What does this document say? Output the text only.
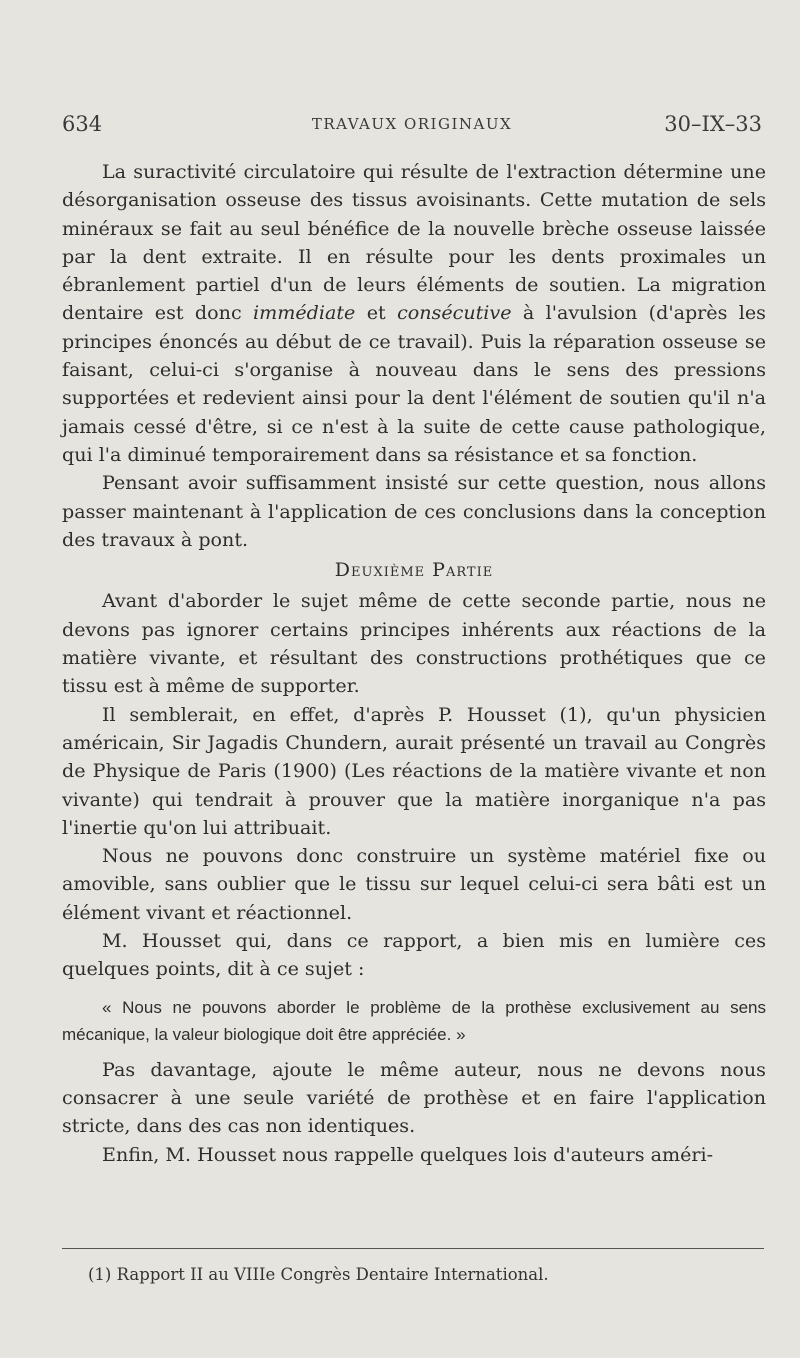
634	TRAVAUX ORIGINAUX	30–IX–33

La suractivité circulatoire qui résulte de l'extraction détermine une désorganisation osseuse des tissus avoisinants. Cette mutation de sels minéraux se fait au seul bénéfice de la nouvelle brèche osseuse laissée par la dent extraite. Il en résulte pour les dents proximales un ébranlement partiel d'un de leurs éléments de soutien. La migration dentaire est donc immédiate et consécutive à l'avulsion (d'après les principes énoncés au début de ce travail). Puis la réparation osseuse se faisant, celui-ci s'organise à nouveau dans le sens des pressions supportées et redevient ainsi pour la dent l'élément de soutien qu'il n'a jamais cessé d'être, si ce n'est à la suite de cette cause pathologique, qui l'a diminué temporairement dans sa résistance et sa fonction.

Pensant avoir suffisamment insisté sur cette question, nous allons passer maintenant à l'application de ces conclusions dans la conception des travaux à pont.

Deuxième Partie

Avant d'aborder le sujet même de cette seconde partie, nous ne devons pas ignorer certains principes inhérents aux réactions de la matière vivante, et résultant des constructions prothétiques que ce tissu est à même de supporter.

Il semblerait, en effet, d'après P. Housset (1), qu'un physicien américain, Sir Jagadis Chundern, aurait présenté un travail au Congrès de Physique de Paris (1900) (Les réactions de la matière vivante et non vivante) qui tendrait à prouver que la matière inorganique n'a pas l'inertie qu'on lui attribuait.

Nous ne pouvons donc construire un système matériel fixe ou amovible, sans oublier que le tissu sur lequel celui-ci sera bâti est un élément vivant et réactionnel.

M. Housset qui, dans ce rapport, a bien mis en lumière ces quelques points, dit à ce sujet :

« Nous ne pouvons aborder le problème de la prothèse exclusivement au sens mécanique, la valeur biologique doit être appréciée. »

Pas davantage, ajoute le même auteur, nous ne devons nous consacrer à une seule variété de prothèse et en faire l'application stricte, dans des cas non identiques.

Enfin, M. Housset nous rappelle quelques lois d'auteurs améri-

(1) Rapport II au VIIIe Congrès Dentaire International.
